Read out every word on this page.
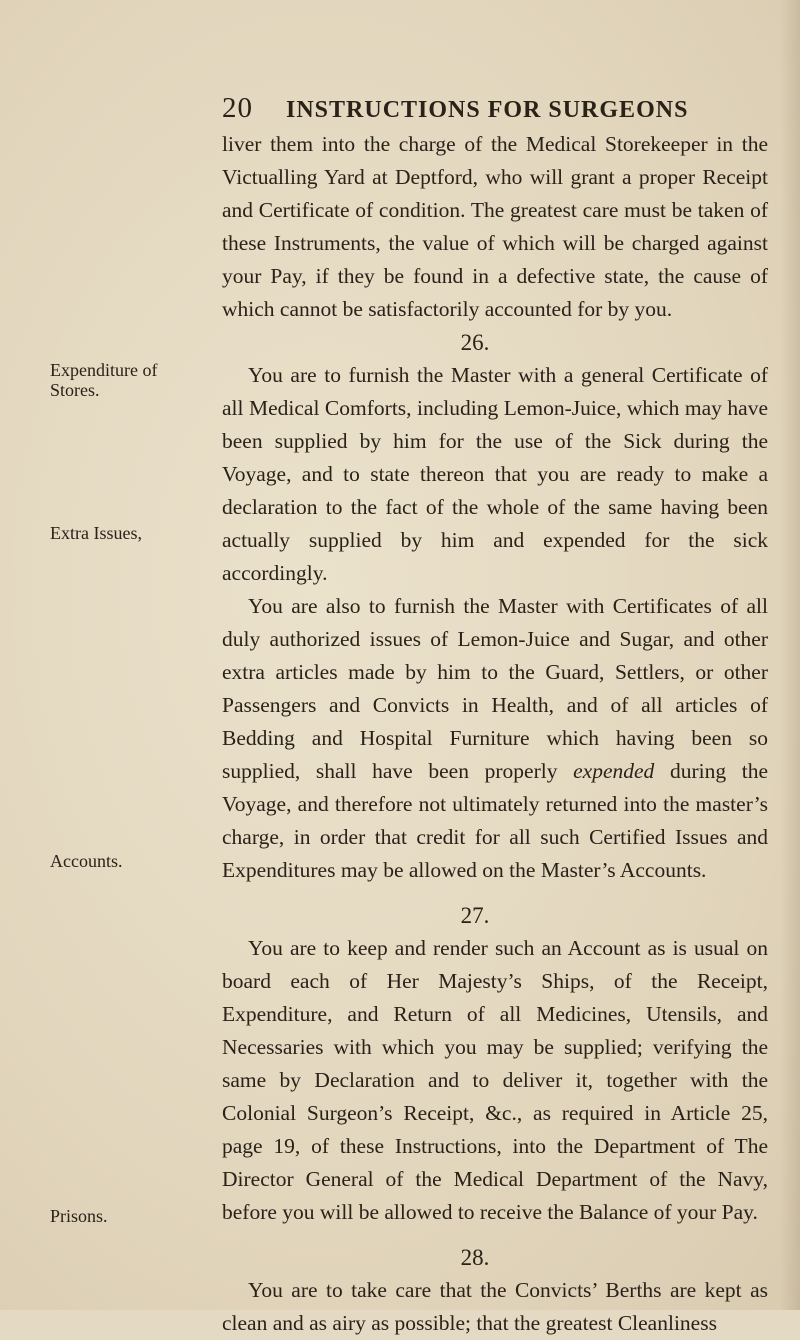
20 INSTRUCTIONS FOR SURGEONS
Expenditure of Stores.
Extra Issues,
Accounts.
Prisons.

liver them into the charge of the Medical Storekeeper in the Victualling Yard at Deptford, who will grant a proper Receipt and Certificate of condition. The greatest care must be taken of these Instruments, the value of which will be charged against your Pay, if they be found in a defective state, the cause of which cannot be satisfactorily accounted for by you.

26.

You are to furnish the Master with a general Certificate of all Medical Comforts, including Lemon-Juice, which may have been supplied by him for the use of the Sick during the Voyage, and to state thereon that you are ready to make a declaration to the fact of the whole of the same having been actually supplied by him and expended for the sick accordingly.

You are also to furnish the Master with Certificates of all duly authorized issues of Lemon-Juice and Sugar, and other extra articles made by him to the Guard, Settlers, or other Passengers and Convicts in Health, and of all articles of Bedding and Hospital Furniture which having been so supplied, shall have been properly expended during the Voyage, and therefore not ultimately returned into the master’s charge, in order that credit for all such Certified Issues and Expenditures may be allowed on the Master’s Accounts.

27.

You are to keep and render such an Account as is usual on board each of Her Majesty’s Ships, of the Receipt, Expenditure, and Return of all Medicines, Utensils, and Necessaries with which you may be supplied; verifying the same by Declaration and to deliver it, together with the Colonial Surgeon’s Receipt, &c., as required in Article 25, page 19, of these Instructions, into the Department of The Director General of the Medical Department of the Navy, before you will be allowed to receive the Balance of your Pay.

28.

You are to take care that the Convicts’ Berths are kept as clean and as airy as possible; that the greatest Cleanliness
